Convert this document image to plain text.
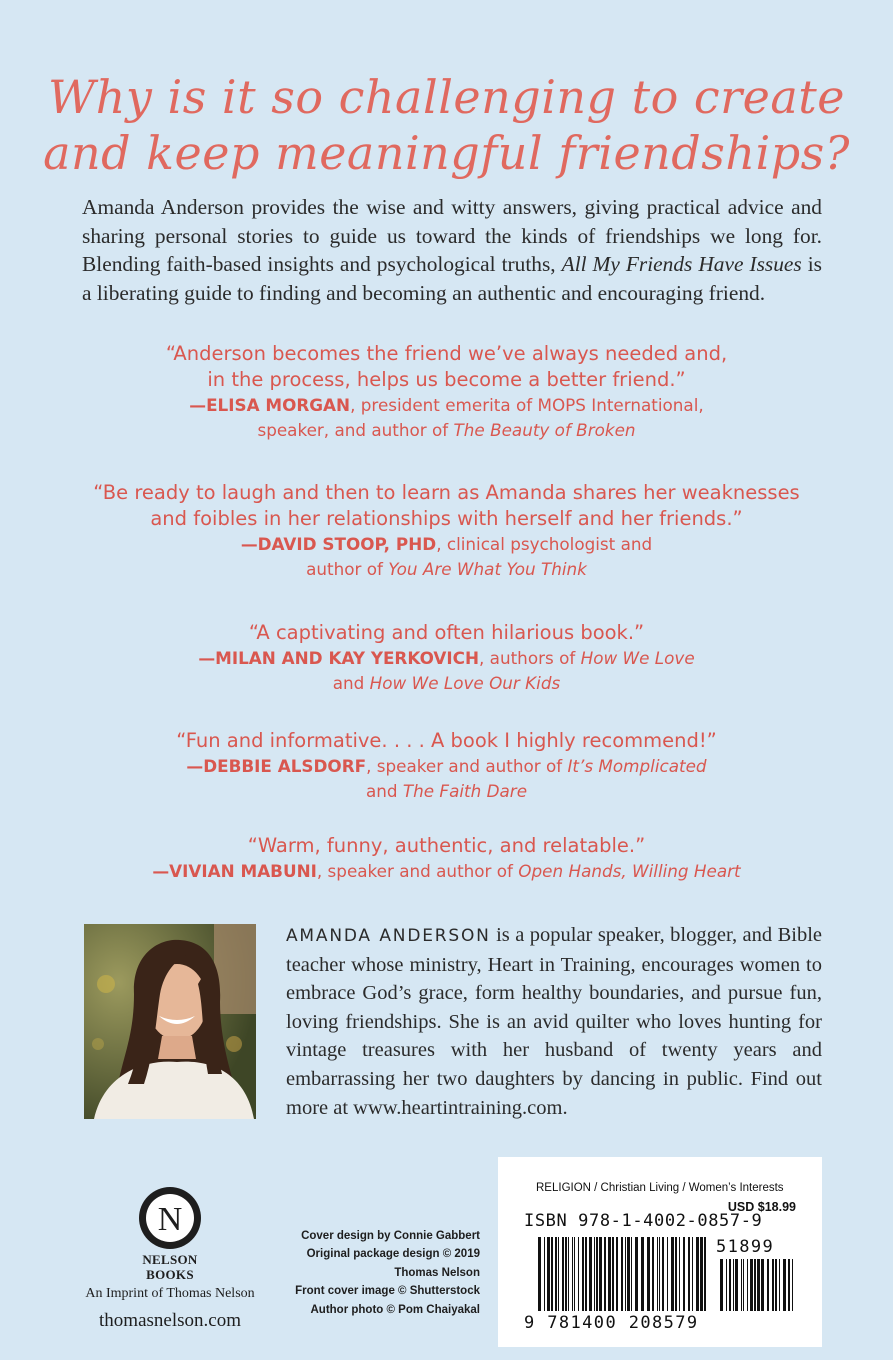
Why is it so challenging to create
and keep meaningful friendships?

Amanda Anderson provides the wise and witty answers, giving practical advice and sharing personal stories to guide us toward the kinds of friendships we long for. Blending faith-based insights and psychological truths, All My Friends Have Issues is a liberating guide to finding and becoming an authentic and encouraging friend.

“Anderson becomes the friend we’ve always needed and,
in the process, helps us become a better friend.”
—ELISA MORGAN, president emerita of MOPS International,
speaker, and author of The Beauty of Broken
“Be ready to laugh and then to learn as Amanda shares her weaknesses
and foibles in her relationships with herself and her friends.”
—DAVID STOOP, PHD, clinical psychologist and
author of You Are What You Think
“A captivating and often hilarious book.”
—MILAN AND KAY YERKOVICH, authors of How We Love
and How We Love Our Kids
“Fun and informative. . . . A book I highly recommend!”
—DEBBIE ALSDORF, speaker and author of It’s Momplicated
and The Faith Dare
“Warm, funny, authentic, and relatable.”
—VIVIAN MABUNI, speaker and author of Open Hands, Willing Heart
AMANDA ANDERSON is a popular speaker, blogger, and Bible teacher whose ministry, Heart in Training, encourages women to embrace God’s grace, form healthy boundaries, and pursue fun, loving friendships. She is an avid quilter who loves hunting for vintage treasures with her husband of twenty years and embarrassing her two daughters by dancing in public. Find out more at www.heartintraining.com.
N
NELSON
BOOKS
An Imprint of Thomas Nelson
thomasnelson.com
Cover design by Connie Gabbert
Original package design © 2019
Thomas Nelson
Front cover image © Shutterstock
Author photo © Pom Chaiyakal
RELIGION / Christian Living / Women’s Interests
USD $18.99
ISBN 978-1-4002-0857-9
51899
9 781400 208579
